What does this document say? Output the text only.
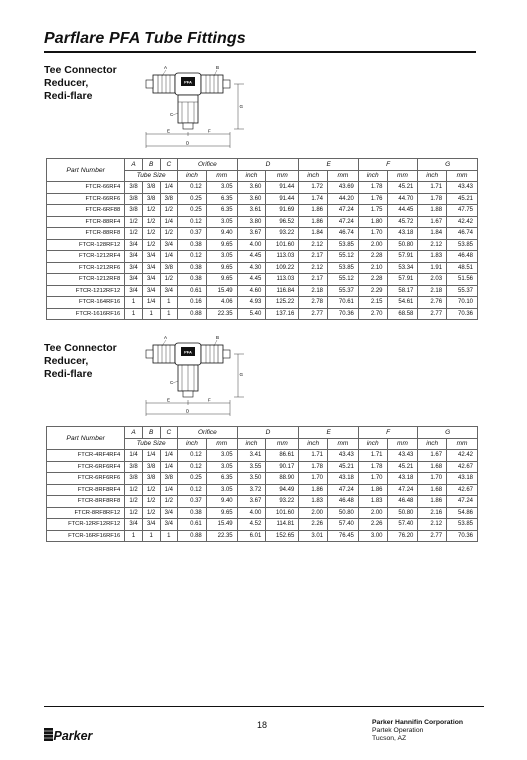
Parflare PFA Tube Fittings
Tee Connector
Reducer,
Redi-flare
PFA
G
E	F
D
A	B
C
Part Number	A	B	C	Orifice		D		E		F		G	
	Tube Size			inch	mm	inch	mm	inch	mm	inch	mm	inch	mm
FTCR-66RF4	3/8	3/8	1/4	0.12	3.05	3.60	91.44	1.72	43.69	1.78	45.21	1.71	43.43
FTCR-66RF6	3/8	3/8	3/8	0.25	6.35	3.60	91.44	1.74	44.20	1.76	44.70	1.78	45.21
FTCR-6RF88	3/8	1/2	1/2	0.25	6.35	3.61	91.69	1.86	47.24	1.75	44.45	1.88	47.75
FTCR-88RF4	1/2	1/2	1/4	0.12	3.05	3.80	96.52	1.86	47.24	1.80	45.72	1.67	42.42
FTCR-88RF8	1/2	1/2	1/2	0.37	9.40	3.67	93.22	1.84	46.74	1.70	43.18	1.84	46.74
FTCR-128RF12	3/4	1/2	3/4	0.38	9.65	4.00	101.60	2.12	53.85	2.00	50.80	2.12	53.85
FTCR-1212RF4	3/4	3/4	1/4	0.12	3.05	4.45	113.03	2.17	55.12	2.28	57.91	1.83	46.48
FTCR-1212RF6	3/4	3/4	3/8	0.38	9.65	4.30	109.22	2.12	53.85	2.10	53.34	1.91	48.51
FTCR-1212RF8	3/4	3/4	1/2	0.38	9.65	4.45	113.03	2.17	55.12	2.28	57.91	2.03	51.56
FTCR-1212RF12	3/4	3/4	3/4	0.61	15.49	4.60	116.84	2.18	55.37	2.29	58.17	2.18	55.37
FTCR-164RF16	1	1/4	1	0.16	4.06	4.93	125.22	2.78	70.61	2.15	54.61	2.76	70.10
FTCR-1616RF16	1	1	1	0.88	22.35	5.40	137.16	2.77	70.36	2.70	68.58	2.77	70.36
Tee Connector
Reducer,
Redi-flare
PFA
G
E	F
D
A	B
C
Part Number	A	B	C	Orifice		D		E		F		G	
	Tube Size			inch	mm	inch	mm	inch	mm	inch	mm	inch	mm
FTCR-4RF4RF4	1/4	1/4	1/4	0.12	3.05	3.41	86.61	1.71	43.43	1.71	43.43	1.67	42.42
FTCR-6RF6RF4	3/8	3/8	1/4	0.12	3.05	3.55	90.17	1.78	45.21	1.78	45.21	1.68	42.67
FTCR-6RF6RF6	3/8	3/8	3/8	0.25	6.35	3.50	88.90	1.70	43.18	1.70	43.18	1.70	43.18
FTCR-8RF8RF4	1/2	1/2	1/4	0.12	3.05	3.72	94.49	1.86	47.24	1.86	47.24	1.68	42.67
FTCR-8RF8RF8	1/2	1/2	1/2	0.37	9.40	3.67	93.22	1.83	46.48	1.83	46.48	1.86	47.24
FTCR-8RF8RF12	1/2	1/2	3/4	0.38	9.65	4.00	101.60	2.00	50.80	2.00	50.80	2.16	54.86
FTCR-12RF12RF12	3/4	3/4	3/4	0.61	15.49	4.52	114.81	2.26	57.40	2.26	57.40	2.12	53.85
FTCR-16RF16RF16	1	1	1	0.88	22.35	6.01	152.65	3.01	76.45	3.00	76.20	2.77	70.36
Parker
18	Parker Hannifin Corporation
Partek Operation
Tucson, AZ
